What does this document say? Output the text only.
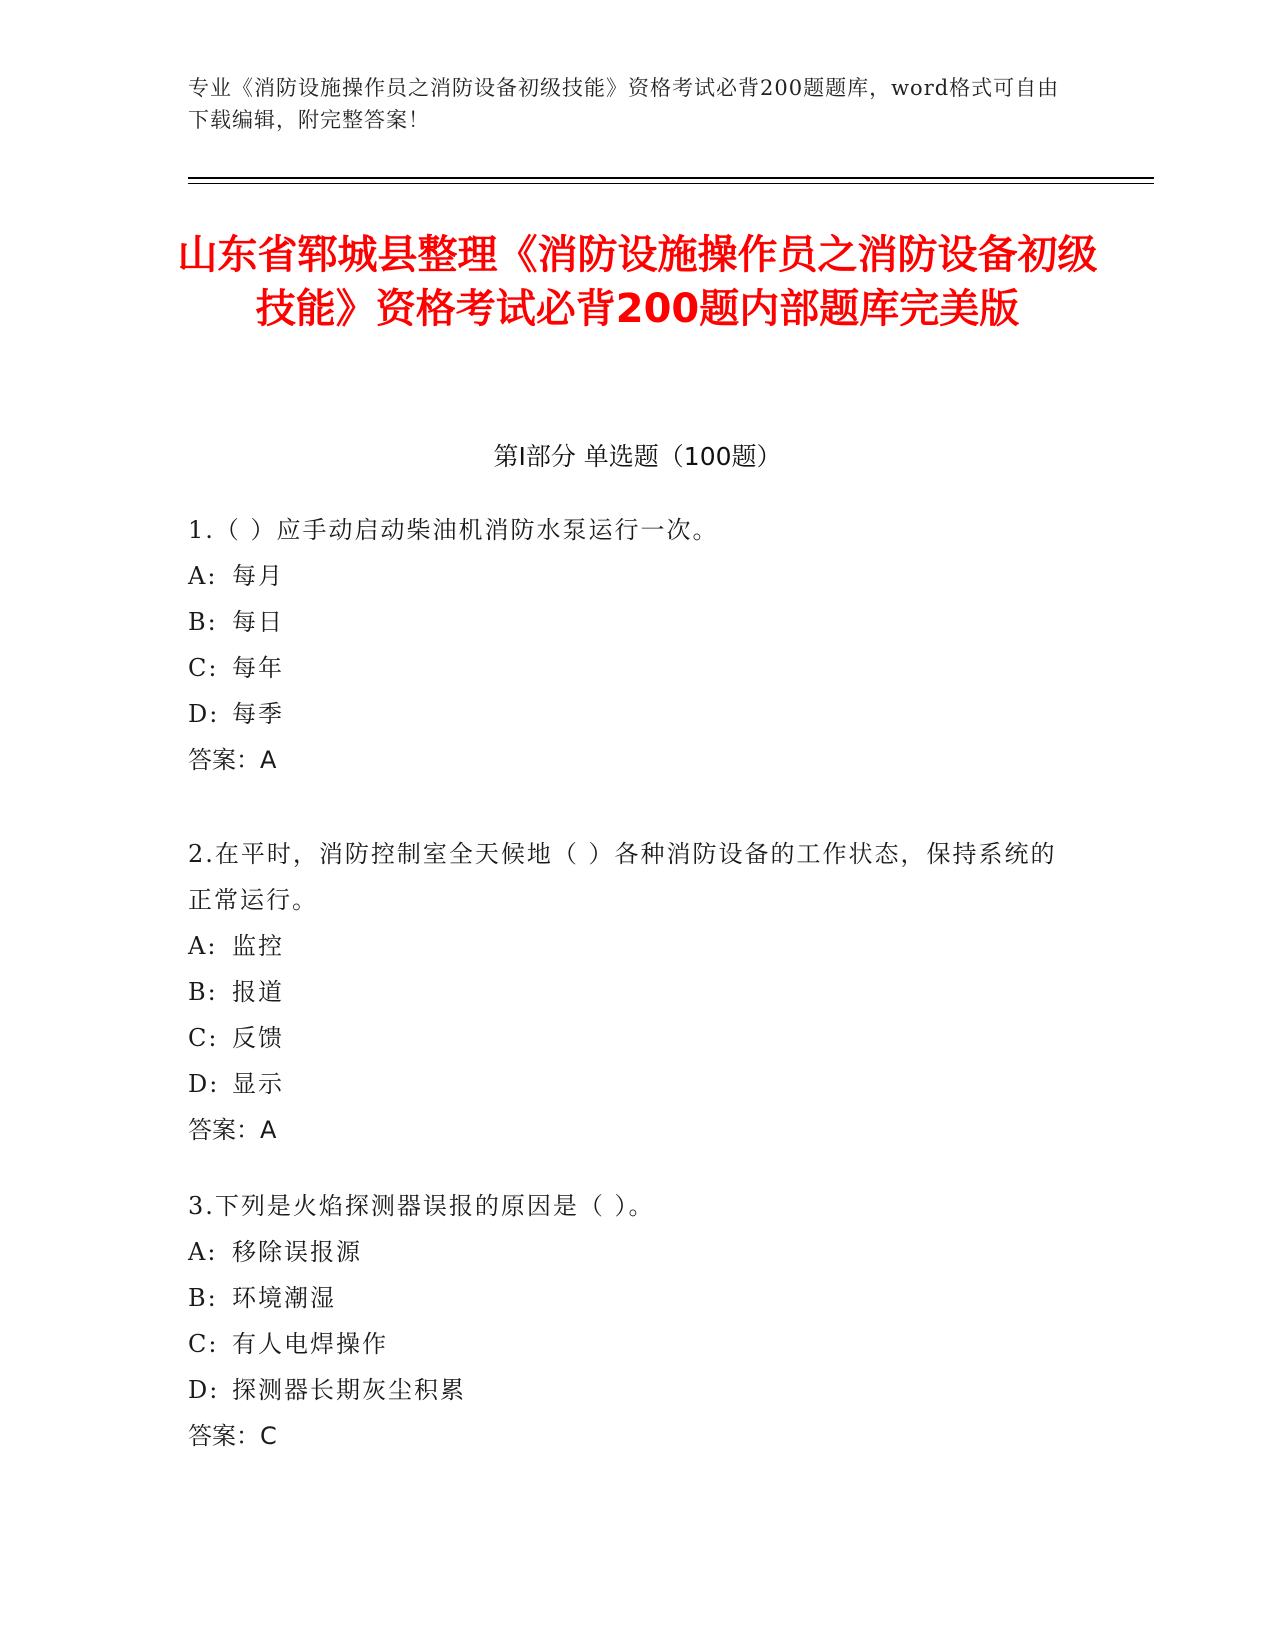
专业《消防设施操作员之消防设备初级技能》资格考试必背200题题库，word格式可自由下载编辑，附完整答案！
山东省郓城县整理《消防设施操作员之消防设备初级技能》资格考试必背200题内部题库完美版
第I部分 单选题（100题）

1.（ ）应手动启动柴油机消防水泵运行一次。

A: 每月

B: 每日

C: 每年

D: 每季

答案：A

2.在平时，消防控制室全天候地（ ）各种消防设备的工作状态，保持系统的正常运行。

A: 监控

B: 报道

C: 反馈

D: 显示

答案：A

3.下列是火焰探测器误报的原因是（ ）。

A: 移除误报源

B: 环境潮湿

C: 有人电焊操作

D: 探测器长期灰尘积累

答案：C
